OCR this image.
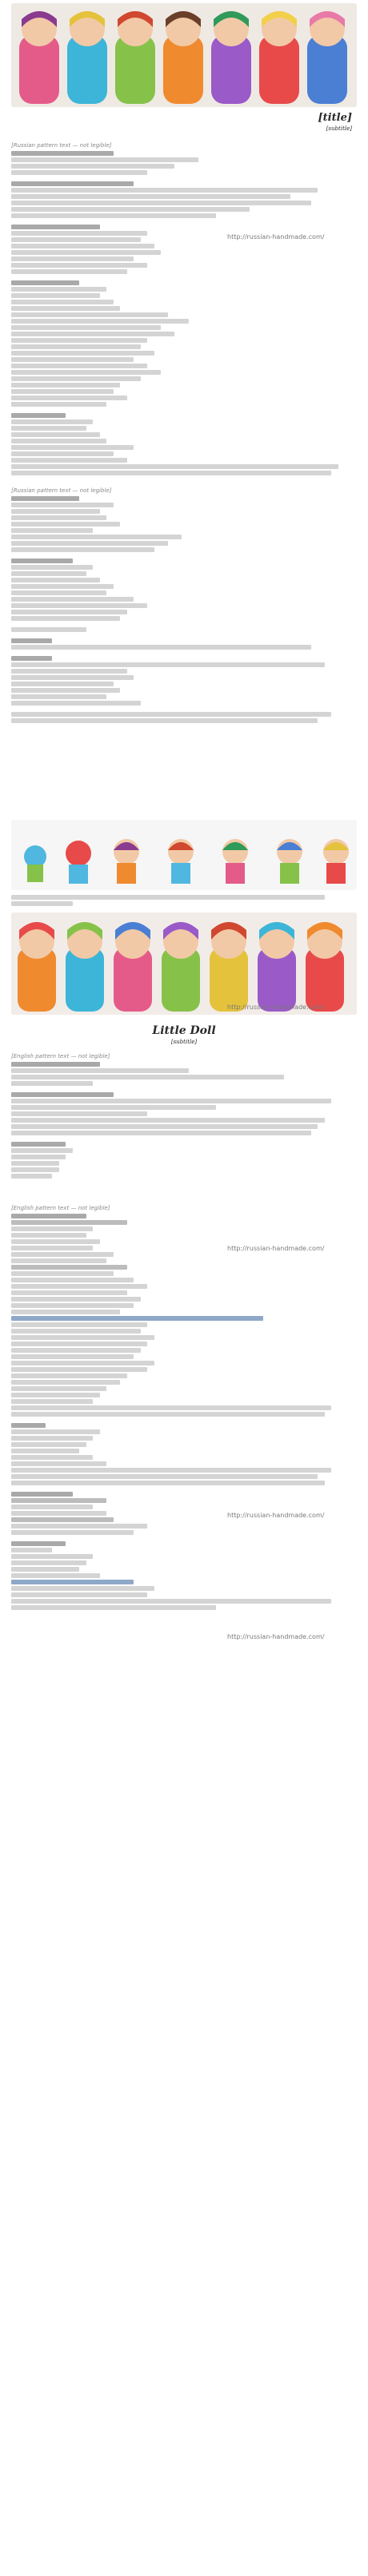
[title]
[subtitle]
[Russian pattern text — not legible]
http://russian-handmade.com/
[Russian pattern text — not legible]
http://russian-handmade.com/
Little Doll
[subtitle]
[English pattern text — not legible]
[English pattern text — not legible]
http://russian-handmade.com/
http://russian-handmade.com/
http://russian-handmade.com/
